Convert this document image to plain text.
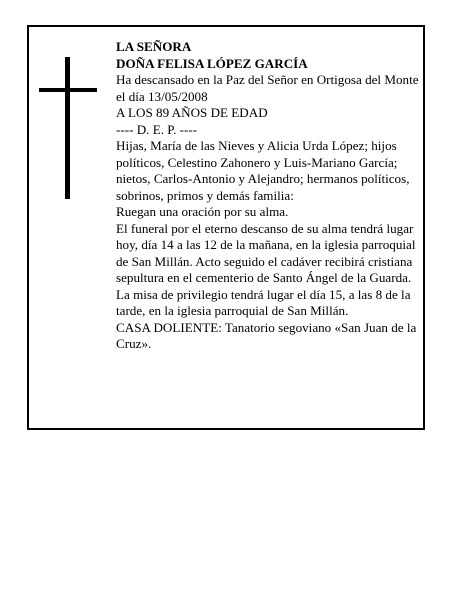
LA SEÑORA

DOÑA FELISA LÓPEZ GARCÍA

Ha descansado en la Paz del Señor en Ortigosa del Monte el día 13/05/2008

A LOS 89 AÑOS DE EDAD

---- D. E. P. ----

Hijas, María de las Nieves y Alicia Urda López; hijos políticos, Celestino Zahonero y Luis-Mariano García; nietos, Carlos-Antonio y Alejandro; hermanos políticos, sobrinos, primos y demás familia:

Ruegan una oración por su alma.

El funeral por el eterno descanso de su alma tendrá lugar hoy, día 14 a las 12 de la mañana, en la iglesia parroquial de San Millán. Acto seguido el cadáver recibirá cristiana sepultura en el cementerio de Santo Ángel de la Guarda. La misa de privilegio tendrá lugar el día 15, a las 8 de la tarde, en la iglesia parroquial de San Millán.

CASA DOLIENTE: Tanatorio segoviano «San Juan de la Cruz».
